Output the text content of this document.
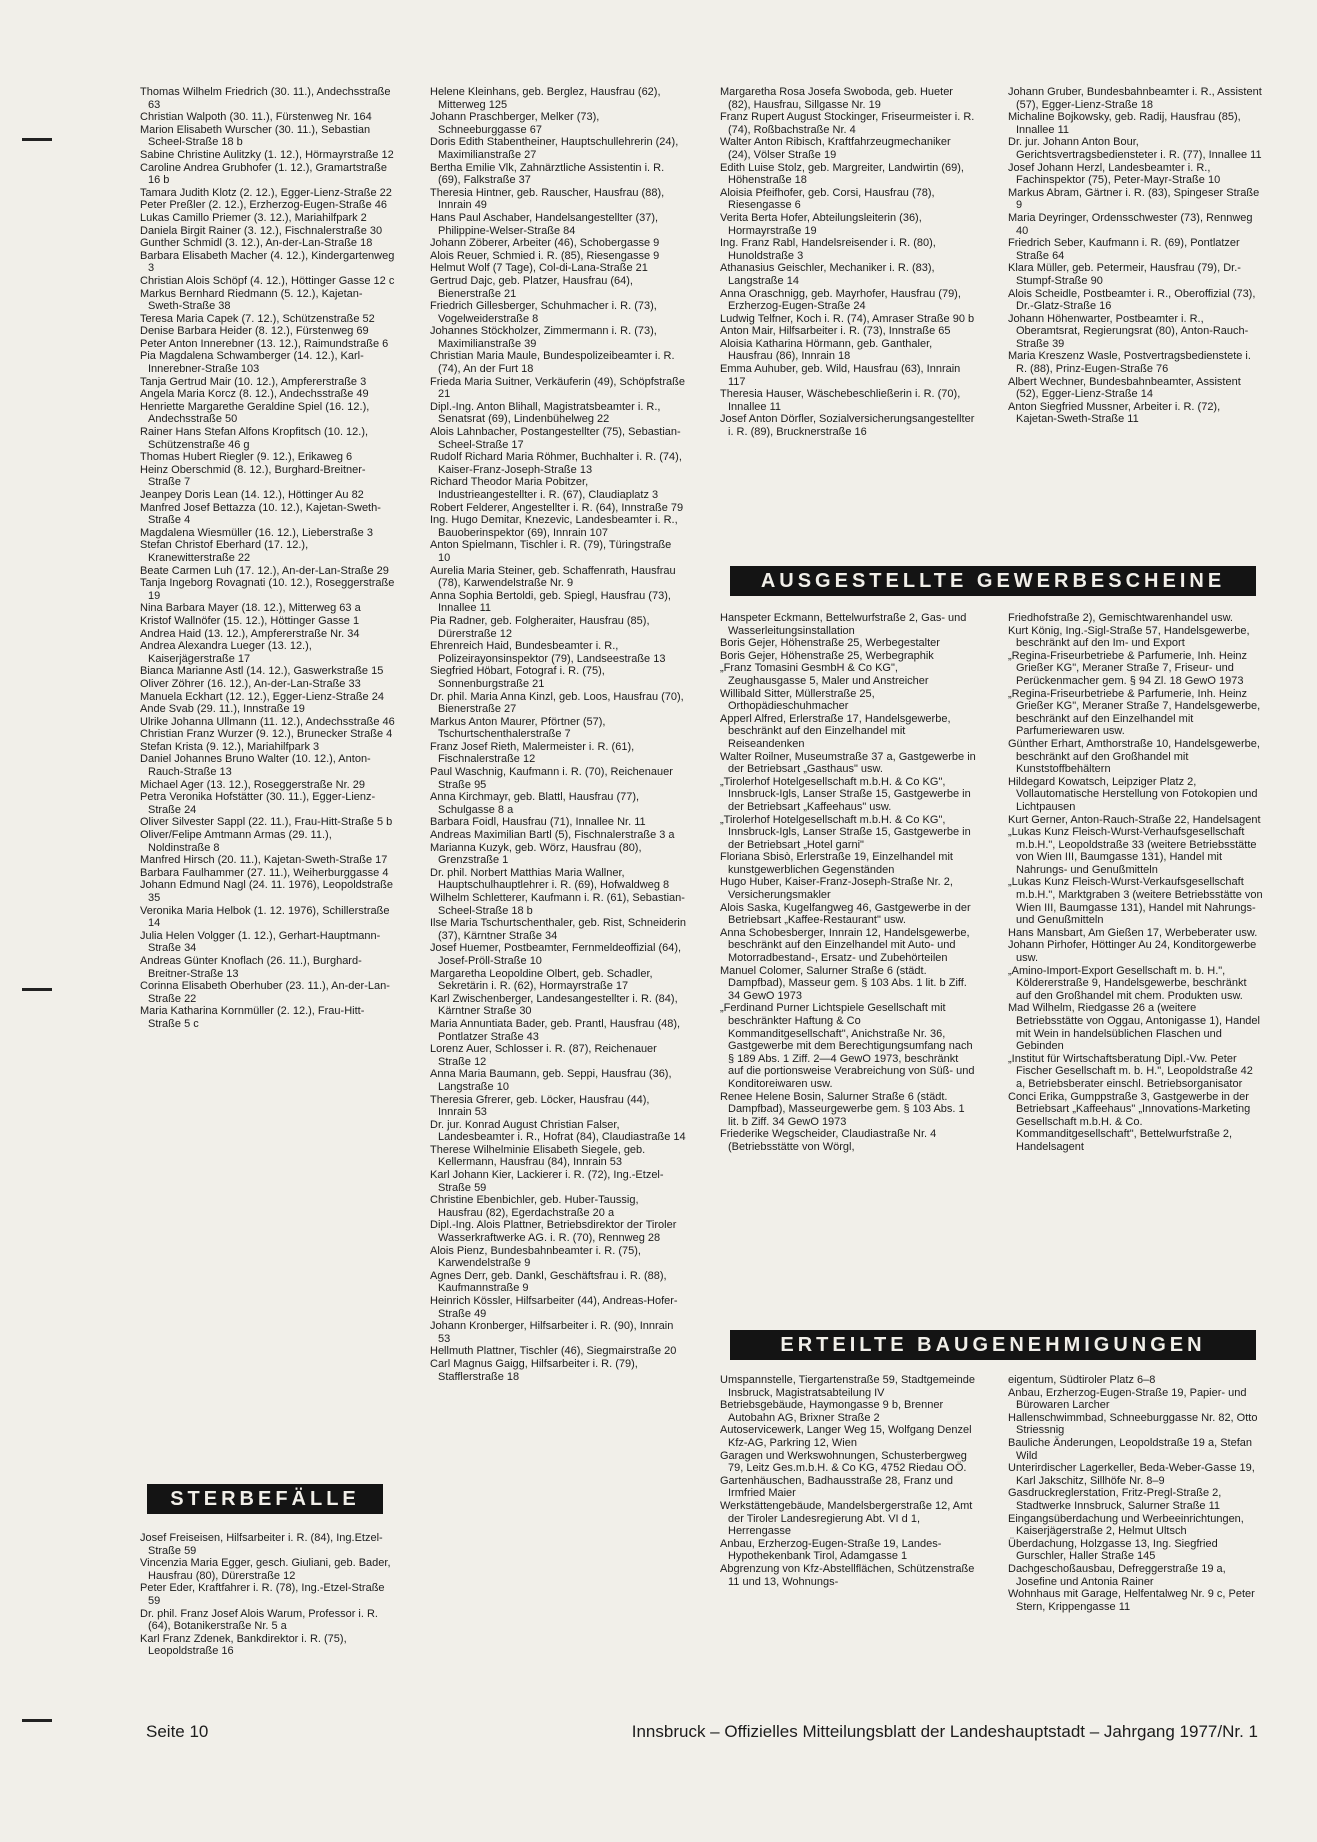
Thomas Wilhelm Friedrich (30. 11.), Andechsstraße 63

Christian Walpoth (30. 11.), Fürstenweg Nr. 164

Marion Elisabeth Wurscher (30. 11.), Sebastian Scheel-Straße 18 b

Sabine Christine Aulitzky (1. 12.), Hörmayrstraße 12

Caroline Andrea Grubhofer (1. 12.), Gramartstraße 16 b

Tamara Judith Klotz (2. 12.), Egger-Lienz-Straße 22

Peter Preßler (2. 12.), Erzherzog-Eugen-Straße 46

Lukas Camillo Priemer (3. 12.), Mariahilfpark 2

Daniela Birgit Rainer (3. 12.), Fischnalerstraße 30

Gunther Schmidl (3. 12.), An-der-Lan-Straße 18

Barbara Elisabeth Macher (4. 12.), Kindergartenweg 3

Christian Alois Schöpf (4. 12.), Höttinger Gasse 12 c

Markus Bernhard Riedmann (5. 12.), Kajetan-Sweth-Straße 38

Teresa Maria Capek (7. 12.), Schützenstraße 52

Denise Barbara Heider (8. 12.), Fürstenweg 69

Peter Anton Innerebner (13. 12.), Raimundstraße 6

Pia Magdalena Schwamberger (14. 12.), Karl-Innerebner-Straße 103

Tanja Gertrud Mair (10. 12.), Ampfererstraße 3

Angela Maria Korcz (8. 12.), Andechsstraße 49

Henriette Margarethe Geraldine Spiel (16. 12.), Andechsstraße 50

Rainer Hans Stefan Alfons Kropfitsch (10. 12.), Schützenstraße 46 g

Thomas Hubert Riegler (9. 12.), Erikaweg 6

Heinz Oberschmid (8. 12.), Burghard-Breitner-Straße 7

Jeanpey Doris Lean (14. 12.), Höttinger Au 82

Manfred Josef Bettazza (10. 12.), Kajetan-Sweth-Straße 4

Magdalena Wiesmüller (16. 12.), Lieberstraße 3

Stefan Christof Eberhard (17. 12.), Kranewitterstraße 22

Beate Carmen Luh (17. 12.), An-der-Lan-Straße 29

Tanja Ingeborg Rovagnati (10. 12.), Roseggerstraße 19

Nina Barbara Mayer (18. 12.), Mitterweg 63 a

Kristof Wallnöfer (15. 12.), Höttinger Gasse 1

Andrea Haid (13. 12.), Ampfererstraße Nr. 34

Andrea Alexandra Lueger (13. 12.), Kaiserjägerstraße 17

Bianca Marianne Astl (14. 12.), Gaswerkstraße 15

Oliver Zöhrer (16. 12.), An-der-Lan-Straße 33

Manuela Eckhart (12. 12.), Egger-Lienz-Straße 24

Ande Svab (29. 11.), Innstraße 19

Ulrike Johanna Ullmann (11. 12.), Andechsstraße 46

Christian Franz Wurzer (9. 12.), Brunecker Straße 4

Stefan Krista (9. 12.), Mariahilfpark 3

Daniel Johannes Bruno Walter (10. 12.), Anton-Rauch-Straße 13

Michael Ager (13. 12.), Roseggerstraße Nr. 29

Petra Veronika Hofstätter (30. 11.), Egger-Lienz-Straße 24

Oliver Silvester Sappl (22. 11.), Frau-Hitt-Straße 5 b

Oliver/Felipe Amtmann Armas (29. 11.), Noldinstraße 8

Manfred Hirsch (20. 11.), Kajetan-Sweth-Straße 17

Barbara Faulhammer (27. 11.), Weiherburggasse 4

Johann Edmund Nagl (24. 11. 1976), Leopoldstraße 35

Veronika Maria Helbok (1. 12. 1976), Schillerstraße 14

Julia Helen Volgger (1. 12.), Gerhart-Hauptmann-Straße 34

Andreas Günter Knoflach (26. 11.), Burghard-Breitner-Straße 13

Corinna Elisabeth Oberhuber (23. 11.), An-der-Lan-Straße 22

Maria Katharina Kornmüller (2. 12.), Frau-Hitt-Straße 5 c

STERBEFÄLLE

Josef Freiseisen, Hilfsarbeiter i. R. (84), Ing.Etzel-Straße 59

Vincenzia Maria Egger, gesch. Giuliani, geb. Bader, Hausfrau (80), Dürerstraße 12

Peter Eder, Kraftfahrer i. R. (78), Ing.-Etzel-Straße 59

Dr. phil. Franz Josef Alois Warum, Professor i. R. (64), Botanikerstraße Nr. 5 a

Karl Franz Zdenek, Bankdirektor i. R. (75), Leopoldstraße 16

Helene Kleinhans, geb. Berglez, Hausfrau (62), Mitterweg 125

Johann Praschberger, Melker (73), Schneeburggasse 67

Doris Edith Stabentheiner, Hauptschullehrerin (24), Maximilianstraße 27

Bertha Emilie Vlk, Zahnärztliche Assistentin i. R. (69), Falkstraße 37

Theresia Hintner, geb. Rauscher, Hausfrau (88), Innrain 49

Hans Paul Aschaber, Handelsangestellter (37), Philippine-Welser-Straße 84

Johann Zöberer, Arbeiter (46), Schobergasse 9

Alois Reuer, Schmied i. R. (85), Riesengasse 9

Helmut Wolf (7 Tage), Col-di-Lana-Straße 21

Gertrud Dajc, geb. Platzer, Hausfrau (64), Bienerstraße 21

Friedrich Gillesberger, Schuhmacher i. R. (73), Vogelweiderstraße 8

Johannes Stöckholzer, Zimmermann i. R. (73), Maximilianstraße 39

Christian Maria Maule, Bundespolizeibeamter i. R. (74), An der Furt 18

Frieda Maria Suitner, Verkäuferin (49), Schöpfstraße 21

Dipl.-Ing. Anton Blihall, Magistratsbeamter i. R., Senatsrat (69), Lindenbühelweg 22

Alois Lahnbacher, Postangestellter (75), Sebastian-Scheel-Straße 17

Rudolf Richard Maria Röhmer, Buchhalter i. R. (74), Kaiser-Franz-Joseph-Straße 13

Richard Theodor Maria Pobitzer, Industrieangestellter i. R. (67), Claudiaplatz 3

Robert Felderer, Angestellter i. R. (64), Innstraße 79

Ing. Hugo Demitar, Knezevic, Landesbeamter i. R., Bauoberinspektor (69), Innrain 107

Anton Spielmann, Tischler i. R. (79), Türingstraße 10

Aurelia Maria Steiner, geb. Schaffenrath, Hausfrau (78), Karwendelstraße Nr. 9

Anna Sophia Bertoldi, geb. Spiegl, Hausfrau (73), Innallee 11

Pia Radner, geb. Folgheraiter, Hausfrau (85), Dürerstraße 12

Ehrenreich Haid, Bundesbeamter i. R., Polizeirayonsinspektor (79), Landseestraße 13

Siegfried Höbart, Fotograf i. R. (75), Sonnenburgstraße 21

Dr. phil. Maria Anna Kinzl, geb. Loos, Hausfrau (70), Bienerstraße 27

Markus Anton Maurer, Pförtner (57), Tschurtschenthalerstraße 7

Franz Josef Rieth, Malermeister i. R. (61), Fischnalerstraße 12

Paul Waschnig, Kaufmann i. R. (70), Reichenauer Straße 95

Anna Kirchmayr, geb. Blattl, Hausfrau (77), Schulgasse 8 a

Barbara Foidl, Hausfrau (71), Innallee Nr. 11

Andreas Maximilian Bartl (5), Fischnalerstraße 3 a

Marianna Kuzyk, geb. Wörz, Hausfrau (80), Grenzstraße 1

Dr. phil. Norbert Matthias Maria Wallner, Hauptschulhauptlehrer i. R. (69), Hofwaldweg 8

Wilhelm Schletterer, Kaufmann i. R. (61), Sebastian-Scheel-Straße 18 b

Ilse Maria Tschurtschenthaler, geb. Rist, Schneiderin (37), Kärntner Straße 34

Josef Huemer, Postbeamter, Fernmeldeoffizial (64), Josef-Pröll-Straße 10

Margaretha Leopoldine Olbert, geb. Schadler, Sekretärin i. R. (62), Hormayrstraße 17

Karl Zwischenberger, Landesangestellter i. R. (84), Kärntner Straße 30

Maria Annuntiata Bader, geb. Prantl, Hausfrau (48), Pontlatzer Straße 43

Lorenz Auer, Schlosser i. R. (87), Reichenauer Straße 12

Anna Maria Baumann, geb. Seppi, Hausfrau (36), Langstraße 10

Theresia Gfrerer, geb. Löcker, Hausfrau (44), Innrain 53

Dr. jur. Konrad August Christian Falser, Landesbeamter i. R., Hofrat (84), Claudiastraße 14

Therese Wilhelminie Elisabeth Siegele, geb. Kellermann, Hausfrau (84), Innrain 53

Karl Johann Kier, Lackierer i. R. (72), Ing.-Etzel-Straße 59

Christine Ebenbichler, geb. Huber-Taussig, Hausfrau (82), Egerdachstraße 20 a

Dipl.-Ing. Alois Plattner, Betriebsdirektor der Tiroler Wasserkraftwerke AG. i. R. (70), Rennweg 28

Alois Pienz, Bundesbahnbeamter i. R. (75), Karwendelstraße 9

Agnes Derr, geb. Dankl, Geschäftsfrau i. R. (88), Kaufmannstraße 9

Heinrich Kössler, Hilfsarbeiter (44), Andreas-Hofer-Straße 49

Johann Kronberger, Hilfsarbeiter i. R. (90), Innrain 53

Hellmuth Plattner, Tischler (46), Siegmairstraße 20

Carl Magnus Gaigg, Hilfsarbeiter i. R. (79), Stafflerstraße 18

Margaretha Rosa Josefa Swoboda, geb. Hueter (82), Hausfrau, Sillgasse Nr. 19

Franz Rupert August Stockinger, Friseurmeister i. R. (74), Roßbachstraße Nr. 4

Walter Anton Ribisch, Kraftfahrzeugmechaniker (24), Völser Straße 19

Edith Luise Stolz, geb. Margreiter, Landwirtin (69), Höhenstraße 18

Aloisia Pfeifhofer, geb. Corsi, Hausfrau (78), Riesengasse 6

Verita Berta Hofer, Abteilungsleiterin (36), Hormayrstraße 19

Ing. Franz Rabl, Handelsreisender i. R. (80), Hunoldstraße 3

Athanasius Geischler, Mechaniker i. R. (83), Langstraße 14

Anna Oraschnigg, geb. Mayrhofer, Hausfrau (79), Erzherzog-Eugen-Straße 24

Ludwig Telfner, Koch i. R. (74), Amraser Straße 90 b

Anton Mair, Hilfsarbeiter i. R. (73), Innstraße 65

Aloisia Katharina Hörmann, geb. Ganthaler, Hausfrau (86), Innrain 18

Emma Auhuber, geb. Wild, Hausfrau (63), Innrain 117

Theresia Hauser, Wäschebeschließerin i. R. (70), Innallee 11

Josef Anton Dörfler, Sozialversicherungsangestellter i. R. (89), Brucknerstraße 16

Johann Gruber, Bundesbahnbeamter i. R., Assistent (57), Egger-Lienz-Straße 18

Michaline Bojkowsky, geb. Radij, Hausfrau (85), Innallee 11

Dr. jur. Johann Anton Bour, Gerichtsvertragsbediensteter i. R. (77), Innallee 11

Josef Johann Herzl, Landesbeamter i. R., Fachinspektor (75), Peter-Mayr-Straße 10

Markus Abram, Gärtner i. R. (83), Spingeser Straße 9

Maria Deyringer, Ordensschwester (73), Rennweg 40

Friedrich Seber, Kaufmann i. R. (69), Pontlatzer Straße 64

Klara Müller, geb. Petermeir, Hausfrau (79), Dr.-Stumpf-Straße 90

Alois Scheidle, Postbeamter i. R., Oberoffizial (73), Dr.-Glatz-Straße 16

Johann Höhenwarter, Postbeamter i. R., Oberamtsrat, Regierungsrat (80), Anton-Rauch-Straße 39

Maria Kreszenz Wasle, Postvertragsbedienstete i. R. (88), Prinz-Eugen-Straße 76

Albert Wechner, Bundesbahnbeamter, Assistent (52), Egger-Lienz-Straße 14

Anton Siegfried Mussner, Arbeiter i. R. (72), Kajetan-Sweth-Straße 11

AUSGESTELLTE GEWERBESCHEINE

Hanspeter Eckmann, Bettelwurfstraße 2, Gas- und Wasserleitungsinstallation

Boris Gejer, Höhenstraße 25, Werbegestalter

Boris Gejer, Höhenstraße 25, Werbegraphik

„Franz Tomasini GesmbH & Co KG", Zeughausgasse 5, Maler und Anstreicher

Willibald Sitter, Müllerstraße 25, Orthopädieschuhmacher

Apperl Alfred, Erlerstraße 17, Handelsgewerbe, beschränkt auf den Einzelhandel mit Reiseandenken

Walter Roilner, Museumstraße 37 a, Gastgewerbe in der Betriebsart „Gasthaus" usw.

„Tirolerhof Hotelgesellschaft m.b.H. & Co KG", Innsbruck-Igls, Lanser Straße 15, Gastgewerbe in der Betriebsart „Kaffeehaus" usw.

„Tirolerhof Hotelgesellschaft m.b.H. & Co KG", Innsbruck-Igls, Lanser Straße 15, Gastgewerbe in der Betriebsart „Hotel garni"

Floriana Sbisò, Erlerstraße 19, Einzelhandel mit kunstgewerblichen Gegenständen

Hugo Huber, Kaiser-Franz-Joseph-Straße Nr. 2, Versicherungsmakler

Alois Saska, Kugelfangweg 46, Gastgewerbe in der Betriebsart „Kaffee-Restaurant" usw.

Anna Schobesberger, Innrain 12, Handelsgewerbe, beschränkt auf den Einzelhandel mit Auto- und Motorradbestand-, Ersatz- und Zubehörteilen

Manuel Colomer, Salurner Straße 6 (städt. Dampfbad), Masseur gem. § 103 Abs. 1 lit. b Ziff. 34 GewO 1973

„Ferdinand Purner Lichtspiele Gesellschaft mit beschränkter Haftung & Co Kommanditgesellschaft", Anichstraße Nr. 36, Gastgewerbe mit dem Berechtigungsumfang nach § 189 Abs. 1 Ziff. 2—4 GewO 1973, beschränkt auf die portionsweise Verabreichung von Süß- und Konditoreiwaren usw.

Renee Helene Bosin, Salurner Straße 6 (städt. Dampfbad), Masseurgewerbe gem. § 103 Abs. 1 lit. b Ziff. 34 GewO 1973

Friederike Wegscheider, Claudiastraße Nr. 4 (Betriebsstätte von Wörgl,

Friedhofstraße 2), Gemischtwarenhandel usw.

Kurt König, Ing.-Sigl-Straße 57, Handelsgewerbe, beschränkt auf den Im- und Export

„Regina-Friseurbetriebe & Parfumerie, Inh. Heinz Grießer KG", Meraner Straße 7, Friseur- und Perückenmacher gem. § 94 Zl. 18 GewO 1973

„Regina-Friseurbetriebe & Parfumerie, Inh. Heinz Grießer KG", Meraner Straße 7, Handelsgewerbe, beschränkt auf den Einzelhandel mit Parfumeriewaren usw.

Günther Erhart, Amthorstraße 10, Handelsgewerbe, beschränkt auf den Großhandel mit Kunststoffbehältern

Hildegard Kowatsch, Leipziger Platz 2, Vollautomatische Herstellung von Fotokopien und Lichtpausen

Kurt Gerner, Anton-Rauch-Straße 22, Handelsagent

„Lukas Kunz Fleisch-Wurst-Verhaufsgesellschaft m.b.H.", Leopoldstraße 33 (weitere Betriebsstätte von Wien III, Baumgasse 131), Handel mit Nahrungs- und Genußmitteln

„Lukas Kunz Fleisch-Wurst-Verkaufsgesellschaft m.b.H.", Marktgraben 3 (weitere Betriebsstätte von Wien III, Baumgasse 131), Handel mit Nahrungs- und Genußmitteln

Hans Mansbart, Am Gießen 17, Werbeberater usw.

Johann Pirhofer, Höttinger Au 24, Konditorgewerbe usw.

„Amino-Import-Export Gesellschaft m. b. H.", Köldererstraße 9, Handelsgewerbe, beschränkt auf den Großhandel mit chem. Produkten usw.

Mad Wilhelm, Riedgasse 26 a (weitere Betriebsstätte von Oggau, Antonigasse 1), Handel mit Wein in handelsüblichen Flaschen und Gebinden

„Institut für Wirtschaftsberatung Dipl.-Vw. Peter Fischer Gesellschaft m. b. H.", Leopoldstraße 42 a, Betriebsberater einschl. Betriebsorganisator

Conci Erika, Gumppstraße 3, Gastgewerbe in der Betriebsart „Kaffeehaus" „Innovations-Marketing Gesellschaft m.b.H. & Co. Kommanditgesellschaft", Bettelwurfstraße 2, Handelsagent

ERTEILTE BAUGENEHMIGUNGEN

Umspannstelle, Tiergartenstraße 59, Stadtgemeinde Insbruck, Magistratsabteilung IV

Betriebsgebäude, Haymongasse 9 b, Brenner Autobahn AG, Brixner Straße 2

Autoservicewerk, Langer Weg 15, Wolfgang Denzel Kfz-AG, Parkring 12, Wien

Garagen und Werkswohnungen, Schusterbergweg 79, Leitz Ges.m.b.H. & Co KG, 4752 Riedau OÖ.

Gartenhäuschen, Badhausstraße 28, Franz und Irmfried Maier

Werkstättengebäude, Mandelsbergerstraße 12, Amt der Tiroler Landesregierung Abt. VI d 1, Herrengasse

Anbau, Erzherzog-Eugen-Straße 19, Landes-Hypothekenbank Tirol, Adamgasse 1

Abgrenzung von Kfz-Abstellflächen, Schützenstraße 11 und 13, Wohnungs-

eigentum, Südtiroler Platz 6–8

Anbau, Erzherzog-Eugen-Straße 19, Papier- und Bürowaren Larcher

Hallenschwimmbad, Schneeburggasse Nr. 82, Otto Striessnig

Bauliche Änderungen, Leopoldstraße 19 a, Stefan Wild

Unterirdischer Lagerkeller, Beda-Weber-Gasse 19, Karl Jakschitz, Sillhöfe Nr. 8–9

Gasdruckreglerstation, Fritz-Pregl-Straße 2, Stadtwerke Innsbruck, Salurner Straße 11

Eingangsüberdachung und Werbeeinrichtungen, Kaiserjägerstraße 2, Helmut Ultsch

Überdachung, Holzgasse 13, Ing. Siegfried Gurschler, Haller Straße 145

Dachgeschoßausbau, Defreggerstraße 19 a, Josefine und Antonia Rainer

Wohnhaus mit Garage, Helfentalweg Nr. 9 c, Peter Stern, Krippengasse 11

Seite 10	Innsbruck – Offizielles Mitteilungsblatt der Landeshauptstadt – Jahrgang 1977/Nr. 1
